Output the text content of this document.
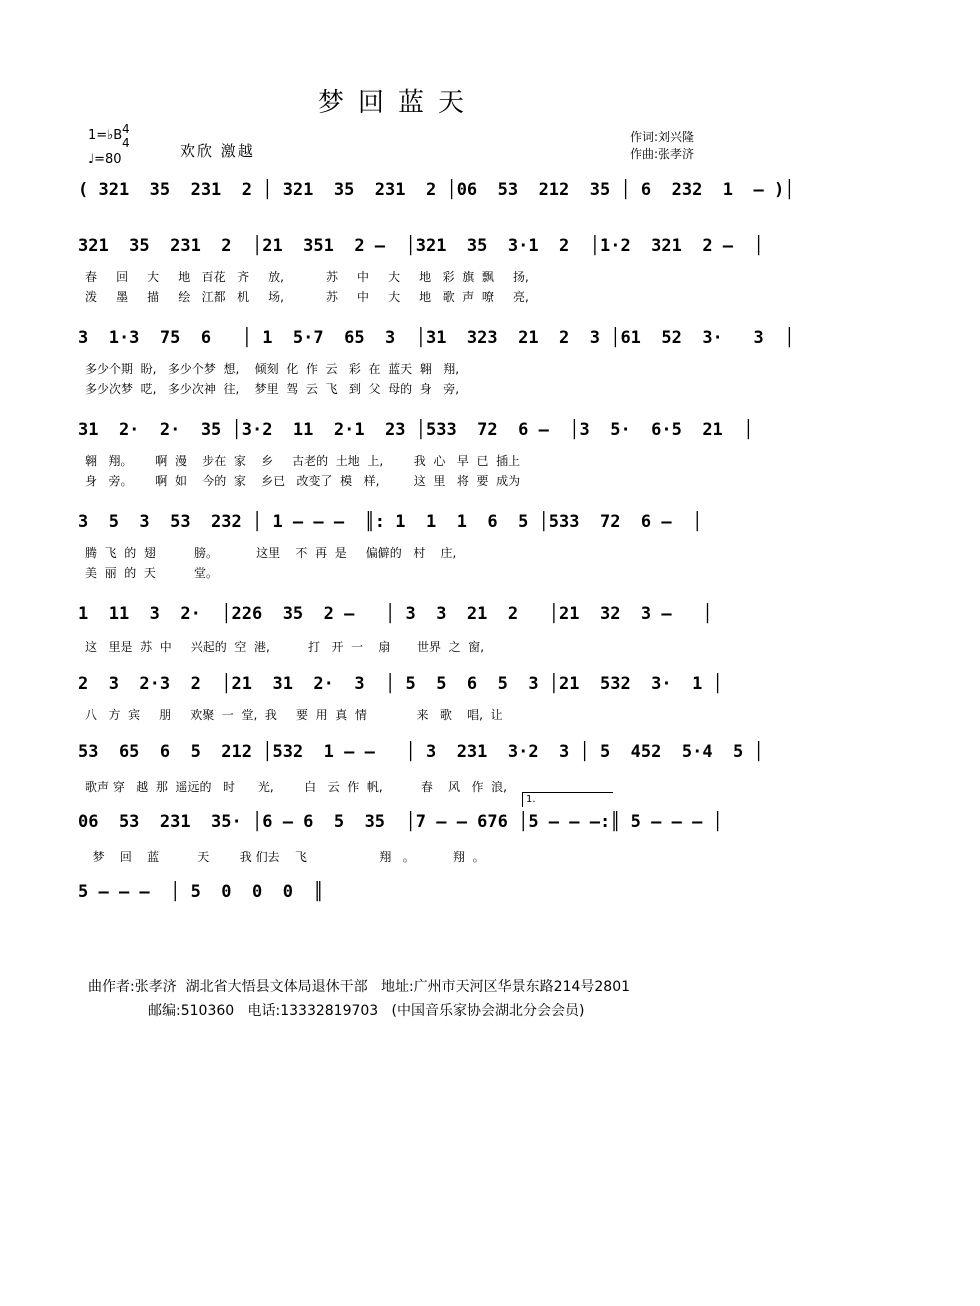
梦回蓝天
1=♭B 4
4
♩=80	欢欣 激越
作词:刘兴隆
作曲:张孝济
( 321  35  231  2 │ 321  35  231  2 │06  53  212  35 │ 6  232  1  — )│
321  35  231  2  │21  351  2 —  │321  35  3·1  2  │1·2  321  2 —  │
春     回     大     地   百花   齐     放,           苏     中     大     地   彩  旗  飘     扬,
泼     墨     描     绘   江都   机     场,           苏     中     大     地   歌  声  嘹     亮,
3  1·3  75  6   │ 1  5·7  65  3  │31  323  21  2  3 │61  52  3·   3  │
多少个期  盼,   多少个梦  想,    倾刻  化  作  云   彩  在  蓝天  翱   翔,
多少次梦  呓,   多少次神  往,    梦里  驾  云  飞   到  父  母的  身   旁,
31  2·  2·  35 │3·2  11  2·1  23 │533  72  6 —  │3  5·  6·5  21  │
翱   翔。      啊  漫    步在  家    乡     古老的  土地  上,        我  心   早  已  插上
身   旁。      啊  如    今的  家    乡已   改变了  模   样,         这  里   将  要  成为
3  5  3  53  232 │ 1 — — —  ║: 1  1  1  6  5 │533  72  6 —  │
腾  飞  的  翅          膀。          这里    不  再  是     偏僻的   村    庄,
美  丽  的  天          堂。
1  11  3  2·  │226  35  2 —   │ 3  3  21  2   │21  32  3 —   │
这   里是  苏  中     兴起的  空  港,          打   开  一    扇       世界  之  窗,
2  3  2·3  2  │21  31  2·  3  │ 5  5  6  5  3 │21  532  3·  1 │
八   方  宾     朋     欢聚  一  堂,  我     要  用  真  情             来   歌    唱,  让
53  65  6  5  212 │532  1 — —   │ 3  231  3·2  3 │ 5  452  5·4  5 │
歌声 穿   越  那  遥远的   时      光,        白   云  作  帆,          春    风   作  浪,
1.
06  53  231  35· │6 — 6  5  35  │7 — — 676 │5 — — —:║ 5 — — — │
梦    回    蓝          天        我 们去    飞                   翔   。          翔  。
5 — — —  │ 5  0  0  0  ║
曲作者:张孝济  湖北省大悟县文体局退休干部   地址:广州市天河区华景东路214号2801
邮编:510360   电话:13332819703   (中国音乐家协会湖北分会会员)
